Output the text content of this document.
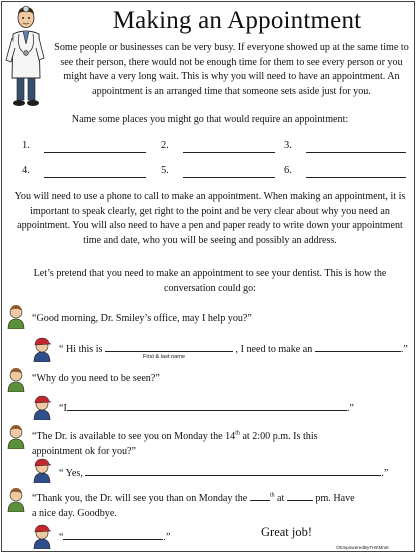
Making an Appointment
Some people or businesses can be very busy. If everyone showed up at the same time to see their person, there would not be enough time for them to see every person or you might have a very long wait. This is why you will need to have an appointment. An appointment is an arranged time that someone sets aside just for you.
Name some places you might go that would require an appointment:
1.	2.	3.
4.	5.	6.
You will need to use a phone to call to make an appointment. When making an appointment, it is important to speak clearly, get right to the point and be very clear about why you need an appointment. You will also need to have a pen and paper ready to write down your appointment time and date, who you will be seeing and possibly an address.
Let’s pretend that you need to make an appointment to see your dentist. This is how the conversation could go:
“Good morning, Dr. Smiley’s office, may I help you?”
“ Hi this is	, I need to make an	.”
First & last name
“Why do you need to be seen?”
“I	.”
“The Dr. is available to see you on Monday the 14th at 2:00 p.m. Is this
appointment ok for you?”
“ Yes,	.”
“Thank you, the Dr. will see you than on Monday the	$^{th}$ at	pm. Have
a nice day. Goodbye.
“	.”	Great job!
©EmpoweredByTHEMnet
